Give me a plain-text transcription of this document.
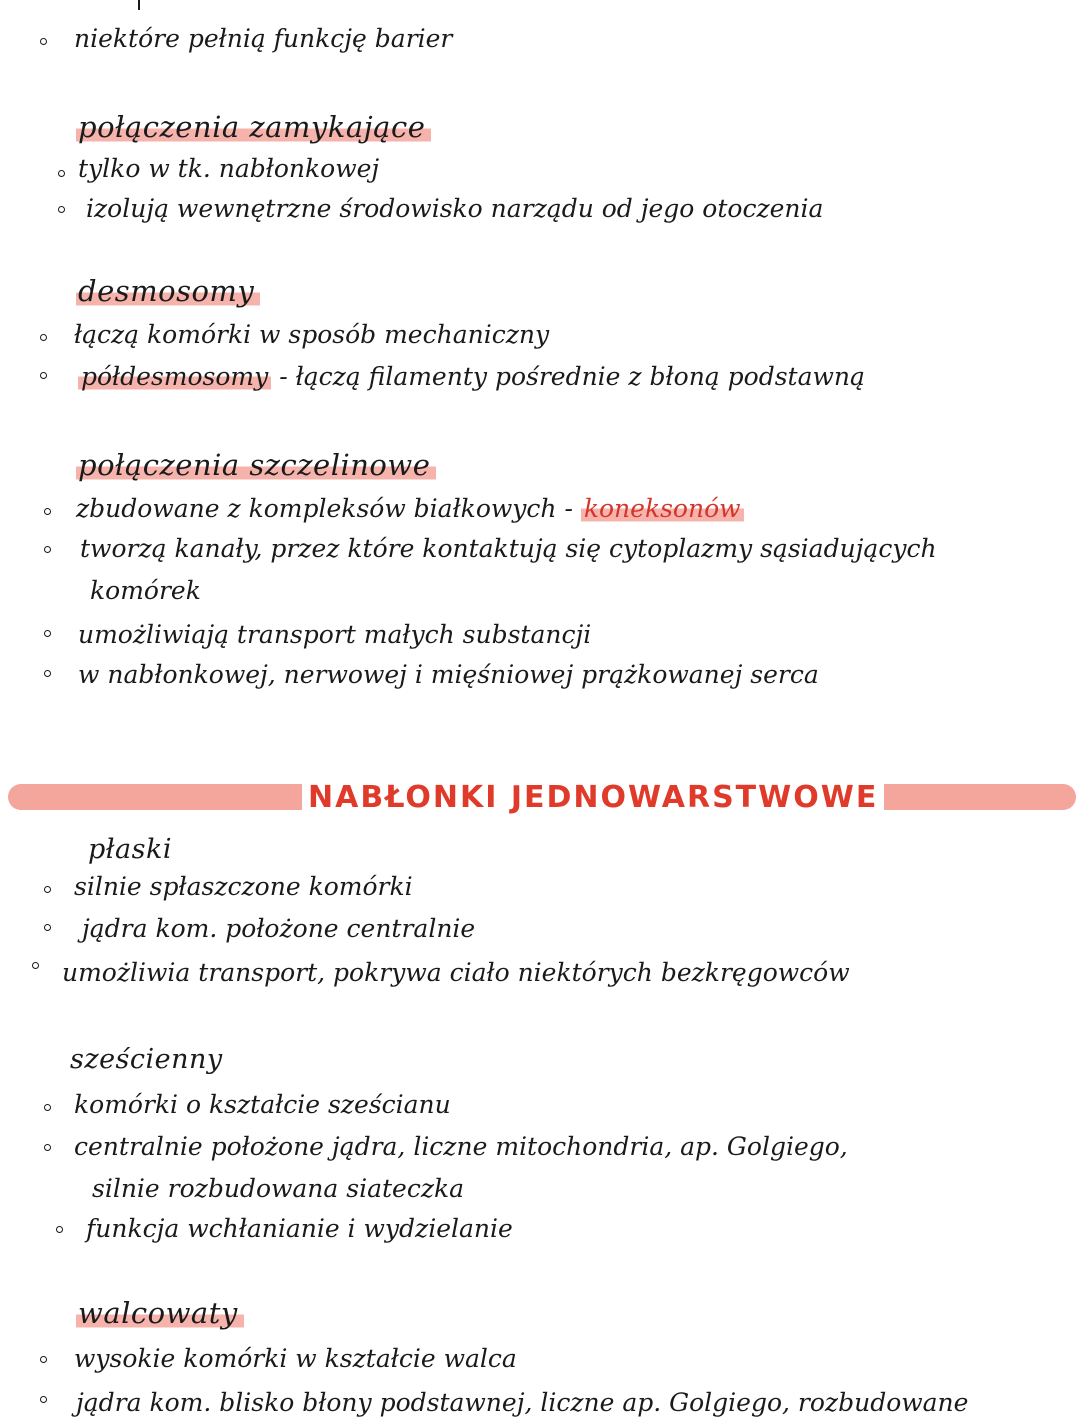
niektóre pełnią funkcję barier
połączenia zamykające
tylko w tk. nabłonkowej
izolują wewnętrzne środowisko narządu od jego otoczenia
desmosomy
łączą komórki w sposób mechaniczny
półdesmosomy - łączą filamenty pośrednie z błoną podstawną
połączenia szczelinowe
zbudowane z kompleksów białkowych - koneksonów
tworzą kanały, przez które kontaktują się cytoplazmy sąsiadujących
komórek
umożliwiają transport małych substancji
w nabłonkowej, nerwowej i mięśniowej prążkowanej serca
NABŁONKI JEDNOWARSTWOWE
płaski
silnie spłaszczone komórki
jądra kom. położone centralnie
umożliwia transport, pokrywa ciało niektórych bezkręgowców
sześcienny
komórki o kształcie sześcianu
centralnie położone jądra, liczne mitochondria, ap. Golgiego,
silnie rozbudowana siateczka
funkcja wchłanianie i wydzielanie
walcowaty
wysokie komórki w kształcie walca
jądra kom. blisko błony podstawnej, liczne ap. Golgiego, rozbudowane
